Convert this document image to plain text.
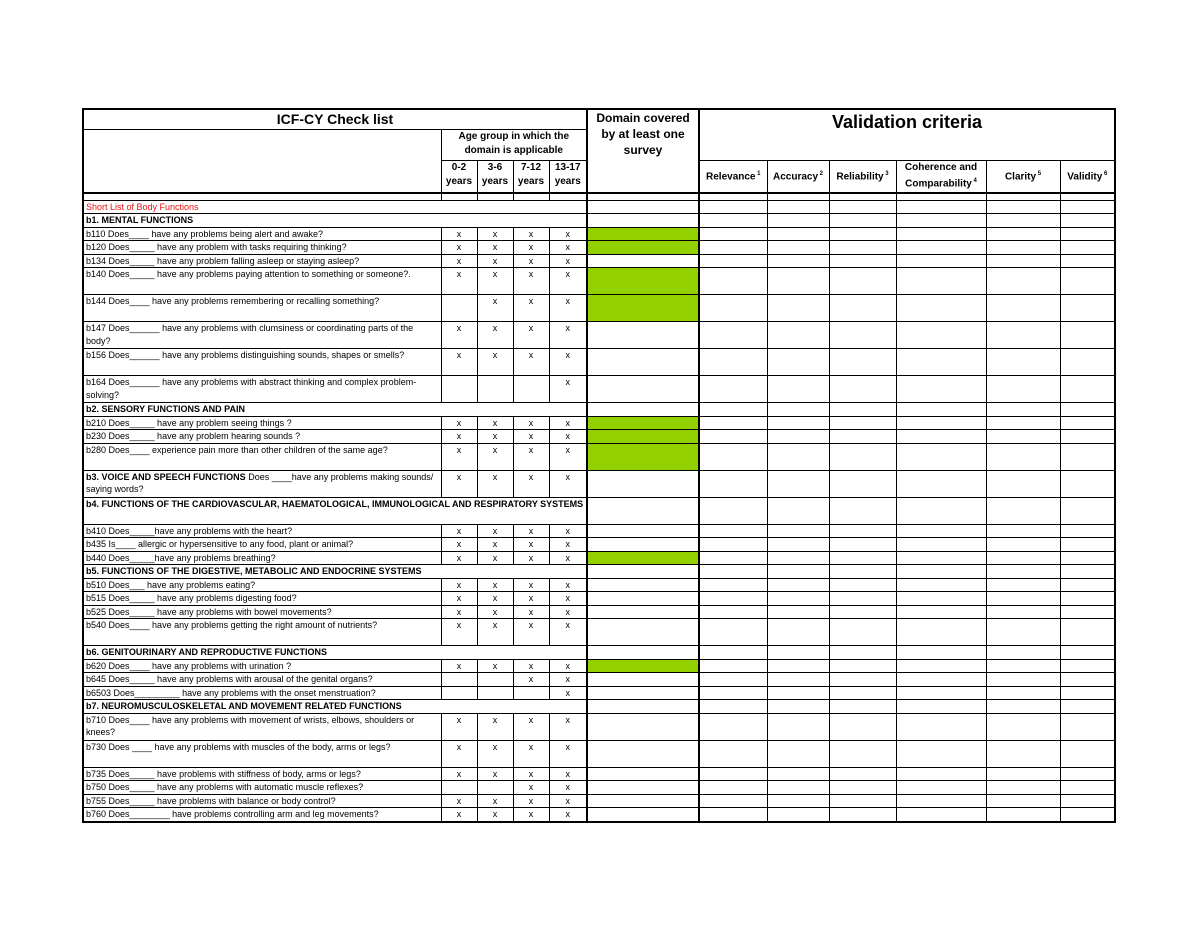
ICF-CY Check list					Domain covered by at least one survey	Validation criteria					
	Age group in which the domain is applicable										
	0-2 years	3-6 years	7-12 years	13-17 years		Relevance $^1$	Accuracy $^2$	Reliability $^3$	Coherence and Comparability $^4$	Clarity $^5$	Validity $^6$

Short List of Body Functions											
b1. MENTAL FUNCTIONS											
b110 Does____ have any problems being alert and awake?	x	x	x	x							
b120 Does_____ have any problem with tasks requiring thinking?	x	x	x	x							
b134 Does_____ have any problem falling asleep or staying asleep?	x	x	x	x							
b140 Does_____ have any problems paying attention to something or someone?.	x	x	x	x							
b144 Does____ have any problems remembering or recalling something?		x	x	x							
b147 Does______ have any problems with clumsiness or coordinating parts of the body?	x	x	x	x							
b156 Does______ have any problems distinguishing sounds, shapes or smells?	x	x	x	x							
b164 Does______ have any problems with abstract thinking and complex problem-solving?				x							
b2. SENSORY FUNCTIONS AND PAIN											
b210 Does_____ have any problem seeing things ?	x	x	x	x							
b230 Does_____ have any problem hearing sounds ?	x	x	x	x							
b280 Does____ experience pain more than other children of the same age?	x	x	x	x							
b3. VOICE AND SPEECH FUNCTIONS Does ____have any problems making sounds/ saying words?	x	x	x	x							
b4. FUNCTIONS OF THE CARDIOVASCULAR, HAEMATOLOGICAL, IMMUNOLOGICAL AND RESPIRATORY SYSTEMS											
b410 Does_____have any problems with the heart?	x	x	x	x							
b435 Is____ allergic or hypersensitive to any food, plant or animal?	x	x	x	x							
b440 Does_____have any problems breathing?	x	x	x	x							
b5. FUNCTIONS OF THE DIGESTIVE, METABOLIC AND ENDOCRINE SYSTEMS											
b510 Does___ have any problems eating?	x	x	x	x							
b515 Does_____ have any problems digesting food?	x	x	x	x							
b525 Does_____ have any problems with bowel movements?	x	x	x	x							
b540 Does____ have any problems getting the right amount of nutrients?	x	x	x	x							
b6. GENITOURINARY AND REPRODUCTIVE FUNCTIONS											
b620 Does____ have any problems with urination ?	x	x	x	x							
b645 Does_____ have any problems with arousal of the genital organs?			x	x							
b6503 Does_________ have any problems with the onset menstruation?				x							
b7. NEUROMUSCULOSKELETAL AND MOVEMENT RELATED FUNCTIONS											
b710 Does____ have any problems with movement of wrists, elbows, shoulders or knees?	x	x	x	x							
b730 Does ____ have any problems with muscles of the body, arms or legs?	x	x	x	x							
b735 Does_____ have problems with stiffness of body, arms or legs?	x	x	x	x							
b750 Does_____ have any problems with automatic muscle reflexes?			x	x							
b755 Does_____ have problems with balance or body control?	x	x	x	x							
b760 Does________ have problems controlling arm and leg movements?	x	x	x	x							
